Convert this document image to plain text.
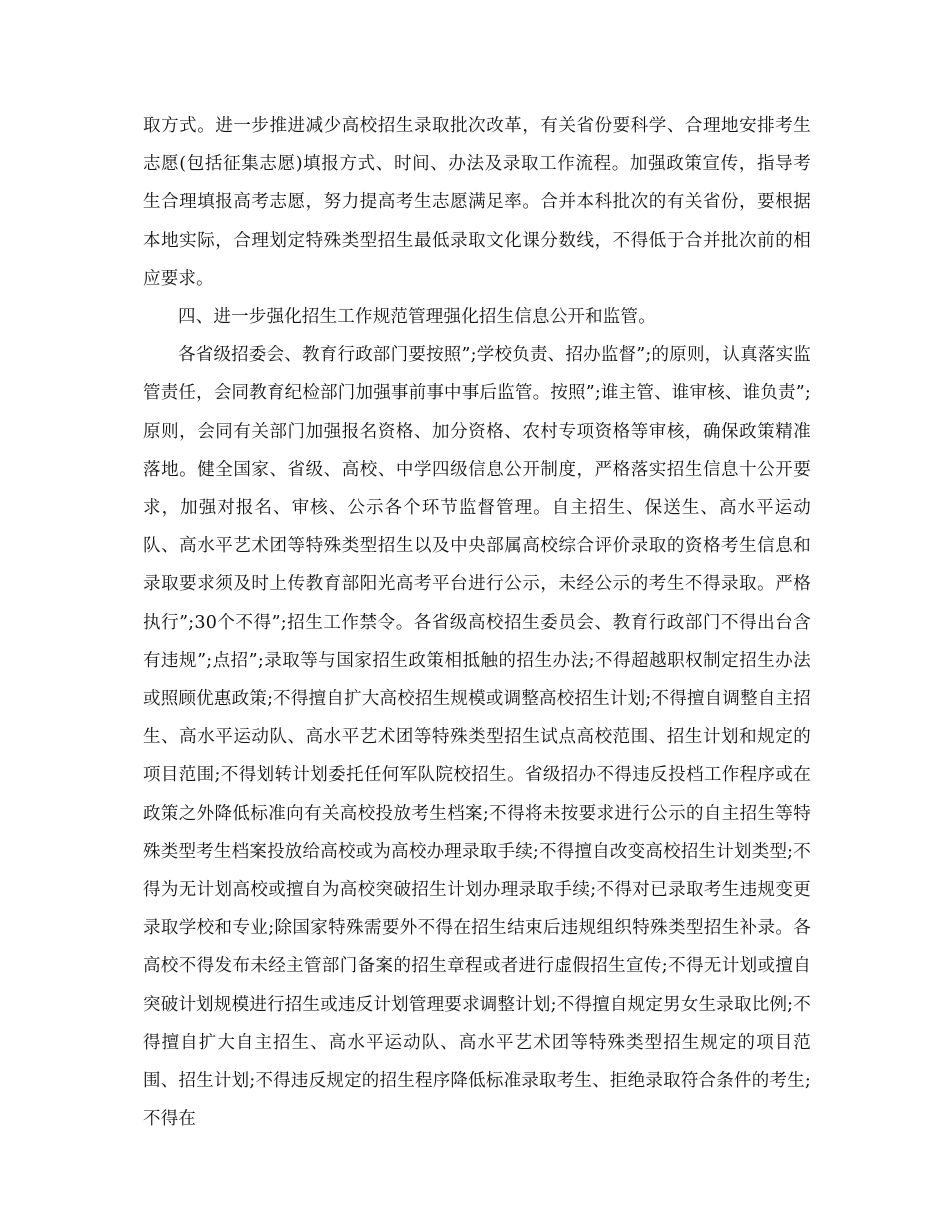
取方式。进一步推进减少高校招生录取批次改革，有关省份要科学、合理地安排考生志愿(包括征集志愿)填报方式、时间、办法及录取工作流程。加强政策宣传，指导考生合理填报高考志愿，努力提高考生志愿满足率。合并本科批次的有关省份，要根据本地实际，合理划定特殊类型招生最低录取文化课分数线，不得低于合并批次前的相应要求。

四、进一步强化招生工作规范管理强化招生信息公开和监管。

各省级招委会、教育行政部门要按照”;学校负责、招办监督”;的原则，认真落实监管责任，会同教育纪检部门加强事前事中事后监管。按照”;谁主管、谁审核、谁负责”;原则，会同有关部门加强报名资格、加分资格、农村专项资格等审核，确保政策精准落地。健全国家、省级、高校、中学四级信息公开制度，严格落实招生信息十公开要求，加强对报名、审核、公示各个环节监督管理。自主招生、保送生、高水平运动队、高水平艺术团等特殊类型招生以及中央部属高校综合评价录取的资格考生信息和录取要求须及时上传教育部阳光高考平台进行公示，未经公示的考生不得录取。严格执行”;30个不得”;招生工作禁令。各省级高校招生委员会、教育行政部门不得出台含有违规”;点招”;录取等与国家招生政策相抵触的招生办法;不得超越职权制定招生办法或照顾优惠政策;不得擅自扩大高校招生规模或调整高校招生计划;不得擅自调整自主招生、高水平运动队、高水平艺术团等特殊类型招生试点高校范围、招生计划和规定的项目范围;不得划转计划委托任何军队院校招生。省级招办不得违反投档工作程序或在政策之外降低标准向有关高校投放考生档案;不得将未按要求进行公示的自主招生等特殊类型考生档案投放给高校或为高校办理录取手续;不得擅自改变高校招生计划类型;不得为无计划高校或擅自为高校突破招生计划办理录取手续;不得对已录取考生违规变更录取学校和专业;除国家特殊需要外不得在招生结束后违规组织特殊类型招生补录。各高校不得发布未经主管部门备案的招生章程或者进行虚假招生宣传;不得无计划或擅自突破计划规模进行招生或违反计划管理要求调整计划;不得擅自规定男女生录取比例;不得擅自扩大自主招生、高水平运动队、高水平艺术团等特殊类型招生规定的项目范围、招生计划;不得违反规定的招生程序降低标准录取考生、拒绝录取符合条件的考生;不得在
